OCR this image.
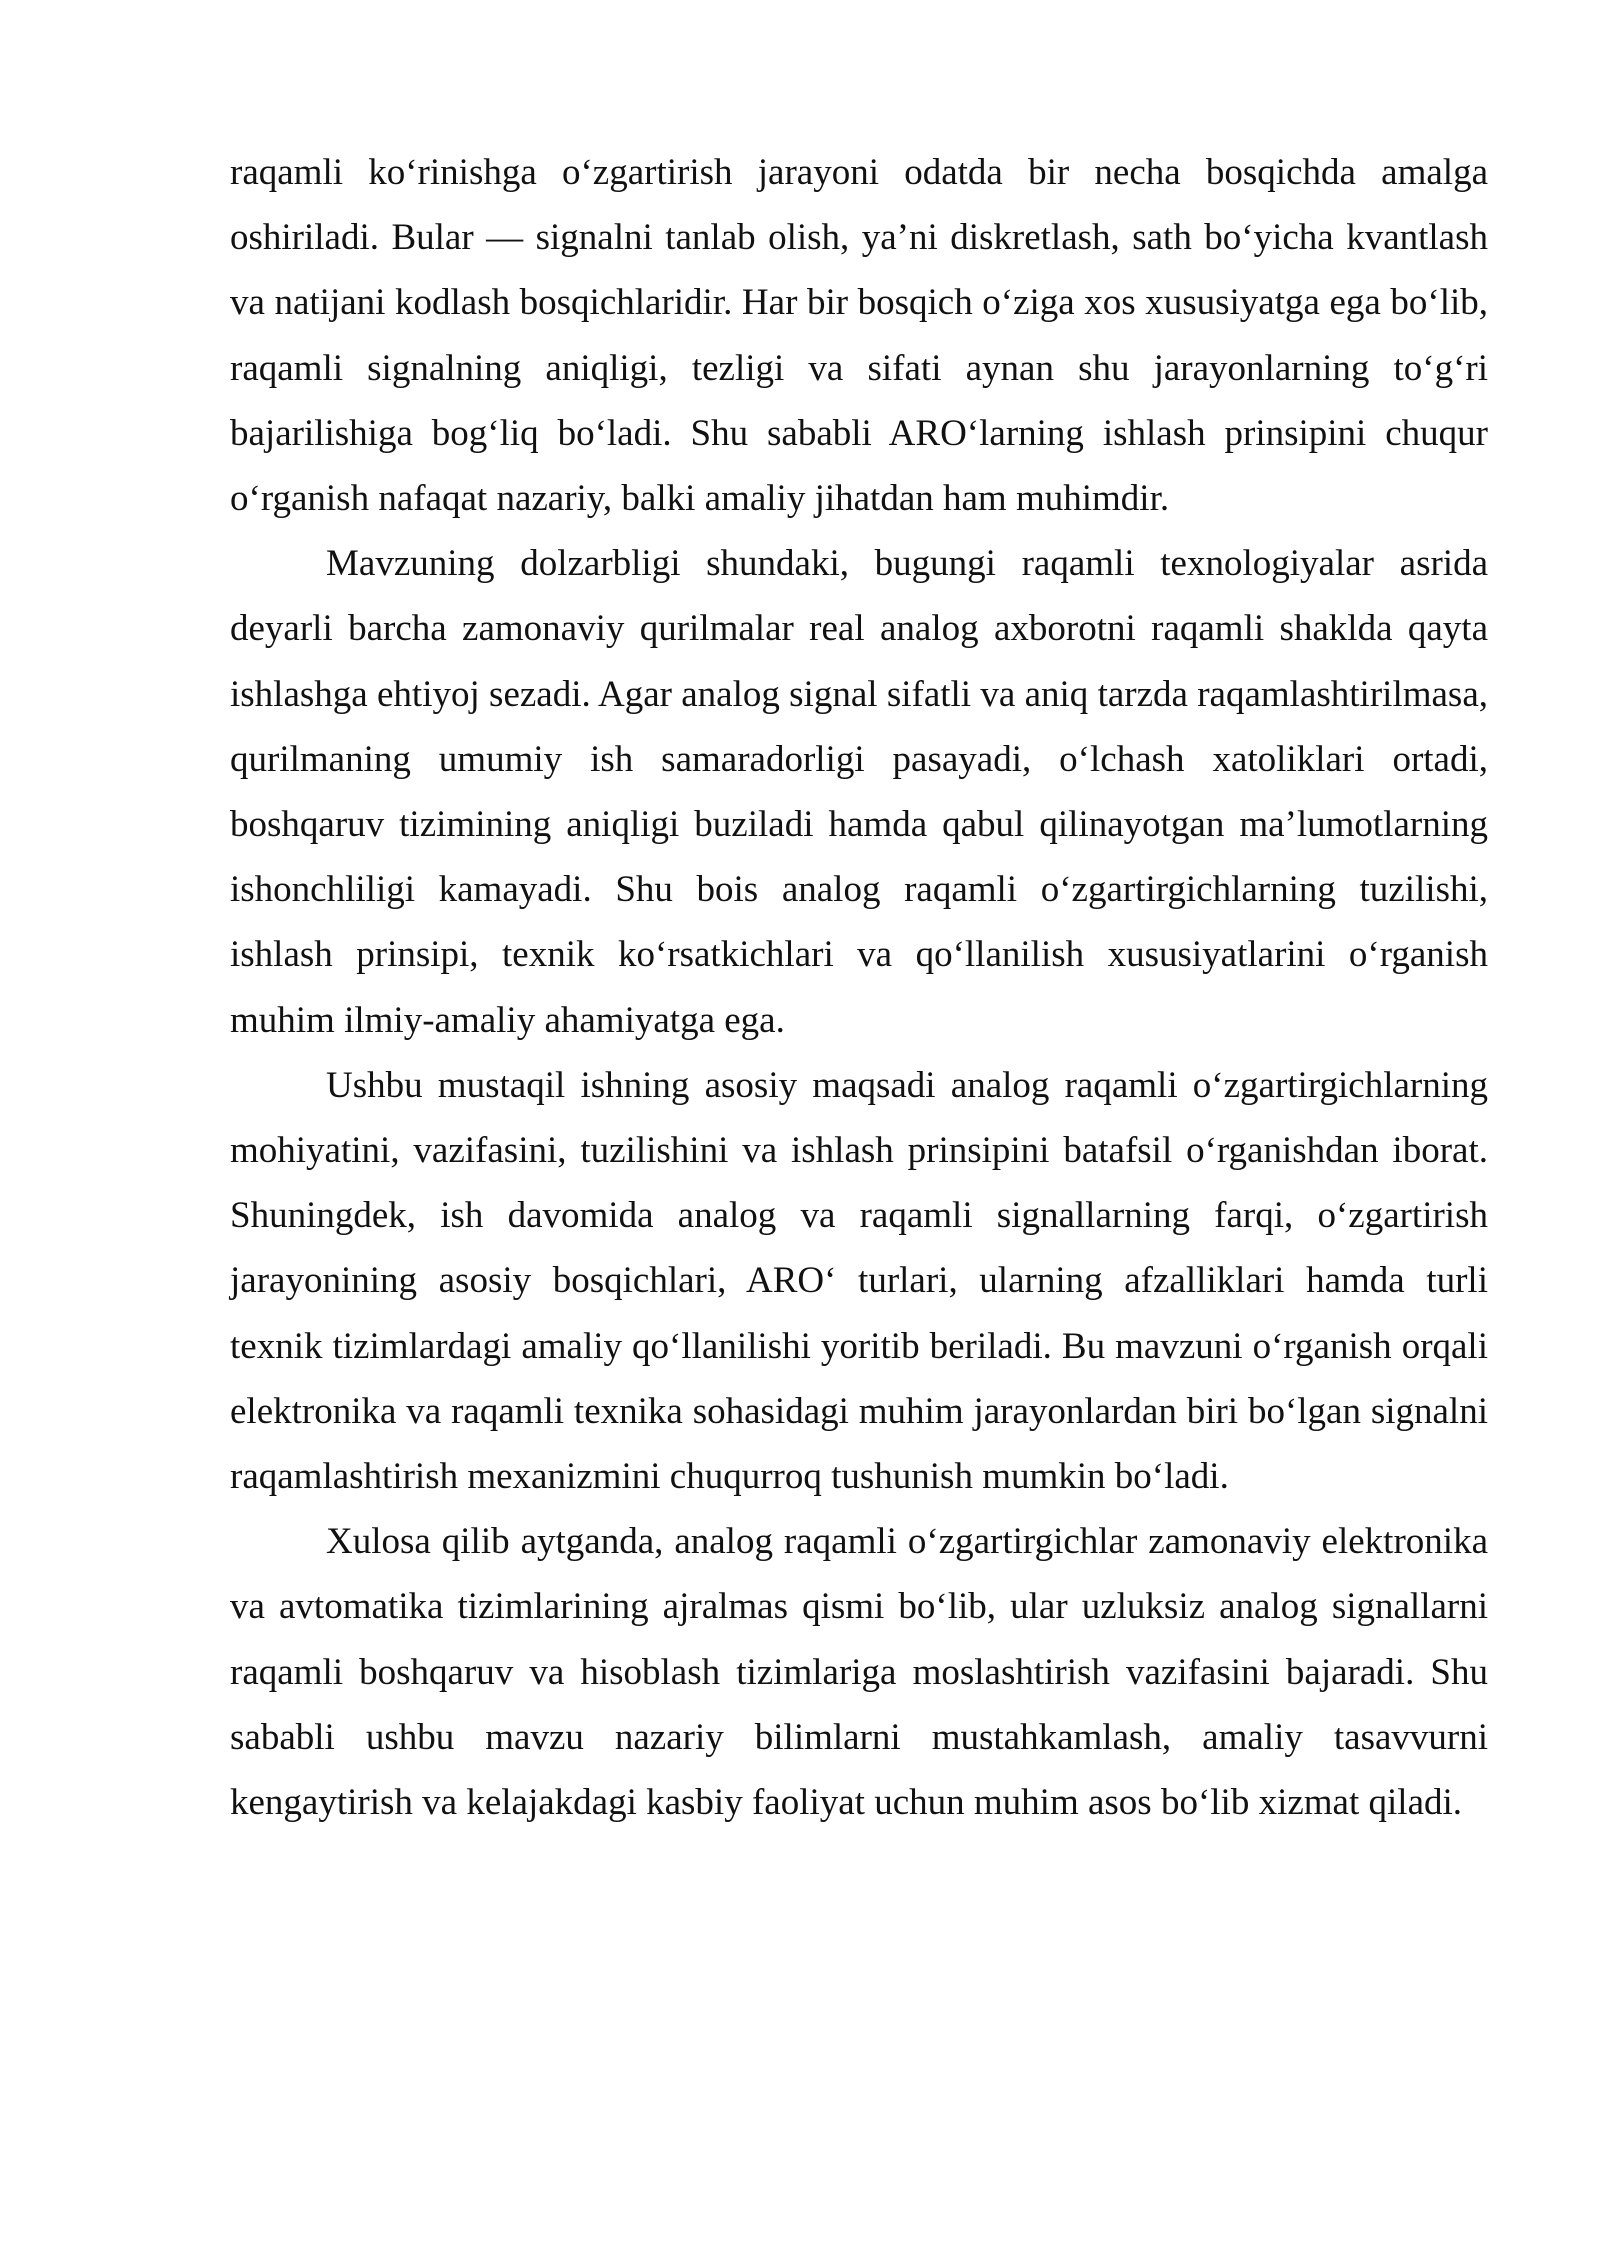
raqamli ko‘rinishga o‘zgartirish jarayoni odatda bir necha bosqichda amalga oshiriladi. Bular — signalni tanlab olish, ya’ni diskretlash, sath bo‘yicha kvantlash va natijani kodlash bosqichlaridir. Har bir bosqich o‘ziga xos xususiyatga ega bo‘lib, raqamli signalning aniqligi, tezligi va sifati aynan shu jarayonlarning to‘g‘ri bajarilishiga bog‘liq bo‘ladi. Shu sababli ARO‘larning ishlash prinsipini chuqur o‘rganish nafaqat nazariy, balki amaliy jihatdan ham muhimdir.

Mavzuning dolzarbligi shundaki, bugungi raqamli texnologiyalar asrida deyarli barcha zamonaviy qurilmalar real analog axborotni raqamli shaklda qayta ishlashga ehtiyoj sezadi. Agar analog signal sifatli va aniq tarzda raqamlashtirilmasa, qurilmaning umumiy ish samaradorligi pasayadi, o‘lchash xatoliklari ortadi, boshqaruv tizimining aniqligi buziladi hamda qabul qilinayotgan ma’lumotlarning ishonchliligi kamayadi. Shu bois analog raqamli o‘zgartirgichlarning tuzilishi, ishlash prinsipi, texnik ko‘rsatkichlari va qo‘llanilish xususiyatlarini o‘rganish muhim ilmiy-amaliy ahamiyatga ega.

Ushbu mustaqil ishning asosiy maqsadi analog raqamli o‘zgartirgichlarning mohiyatini, vazifasini, tuzilishini va ishlash prinsipini batafsil o‘rganishdan iborat. Shuningdek, ish davomida analog va raqamli signallarning farqi, o‘zgartirish jarayonining asosiy bosqichlari, ARO‘ turlari, ularning afzalliklari hamda turli texnik tizimlardagi amaliy qo‘llanilishi yoritib beriladi. Bu mavzuni o‘rganish orqali elektronika va raqamli texnika sohasidagi muhim jarayonlardan biri bo‘lgan signalni raqamlashtirish mexanizmini chuqurroq tushunish mumkin bo‘ladi.

Xulosa qilib aytganda, analog raqamli o‘zgartirgichlar zamonaviy elektronika va avtomatika tizimlarining ajralmas qismi bo‘lib, ular uzluksiz analog signallarni raqamli boshqaruv va hisoblash tizimlariga moslashtirish vazifasini bajaradi. Shu sababli ushbu mavzu nazariy bilimlarni mustahkamlash, amaliy tasavvurni kengaytirish va kelajakdagi kasbiy faoliyat uchun muhim asos bo‘lib xizmat qiladi.
